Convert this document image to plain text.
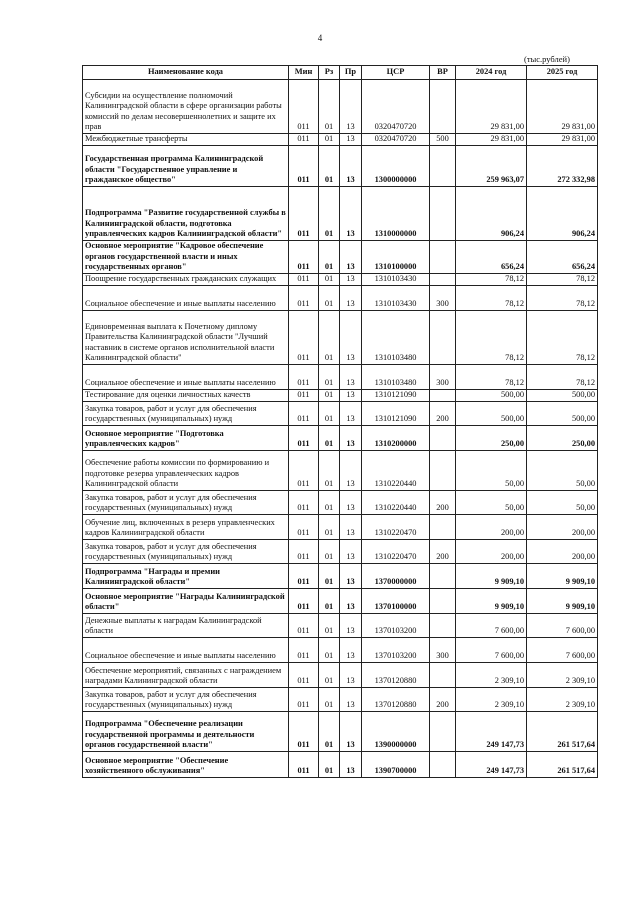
4
(тыс.рублей)
Наименование кода	Мин	Рз	Пр	ЦСР	ВР	2024 год	2025 год
Субсидии на осуществление полномочий Калининградской области в сфере организации работы комиссий по делам несовершеннолетних и защите их прав	011	01	13	0320470720		29 831,00	29 831,00
Межбюджетные трансферты	011	01	13	0320470720	500	29 831,00	29 831,00
Государственная программа Калининградской области "Государственное управление и гражданское общество"	011	01	13	1300000000		259 963,07	272 332,98
Подпрограмма "Развитие государственной службы в Калининградской области, подготовка управленческих кадров Калининградской области"	011	01	13	1310000000		906,24	906,24
Основное мероприятие "Кадровое обеспечение органов государственной власти и иных государственных органов"	011	01	13	1310100000		656,24	656,24
Поощрение государственных гражданских служащих	011	01	13	1310103430		78,12	78,12
Социальное обеспечение и иные выплаты населению	011	01	13	1310103430	300	78,12	78,12
Единовременная выплата к Почетному диплому Правительства Калининградской области "Лучший наставник в системе органов исполнительной власти Калининградской области"	011	01	13	1310103480		78,12	78,12
Социальное обеспечение и иные выплаты населению	011	01	13	1310103480	300	78,12	78,12
Тестирование для оценки личностных качеств	011	01	13	1310121090		500,00	500,00
Закупка товаров, работ и услуг для обеспечения государственных (муниципальных) нужд	011	01	13	1310121090	200	500,00	500,00
Основное мероприятие "Подготовка управленческих кадров"	011	01	13	1310200000		250,00	250,00
Обеспечение работы комиссии по формированию и подготовке резерва управленческих кадров Калининградской области	011	01	13	1310220440		50,00	50,00
Закупка товаров, работ и услуг для обеспечения государственных (муниципальных) нужд	011	01	13	1310220440	200	50,00	50,00
Обучение лиц, включенных в резерв управленческих кадров Калининградской области	011	01	13	1310220470		200,00	200,00
Закупка товаров, работ и услуг для обеспечения государственных (муниципальных) нужд	011	01	13	1310220470	200	200,00	200,00
Подпрограмма "Награды и премии Калининградской области"	011	01	13	1370000000		9 909,10	9 909,10
Основное мероприятие "Награды Калининградской области"	011	01	13	1370100000		9 909,10	9 909,10
Денежные выплаты к наградам Калининградской области	011	01	13	1370103200		7 600,00	7 600,00
Социальное обеспечение и иные выплаты населению	011	01	13	1370103200	300	7 600,00	7 600,00
Обеспечение мероприятий, связанных с награждением наградами Калининградской области	011	01	13	1370120880		2 309,10	2 309,10
Закупка товаров, работ и услуг для обеспечения государственных (муниципальных) нужд	011	01	13	1370120880	200	2 309,10	2 309,10
Подпрограмма "Обеспечение реализации государственной программы и деятельности органов государственной власти"	011	01	13	1390000000		249 147,73	261 517,64
Основное мероприятие "Обеспечение хозяйственного обслуживания"	011	01	13	1390700000		249 147,73	261 517,64
